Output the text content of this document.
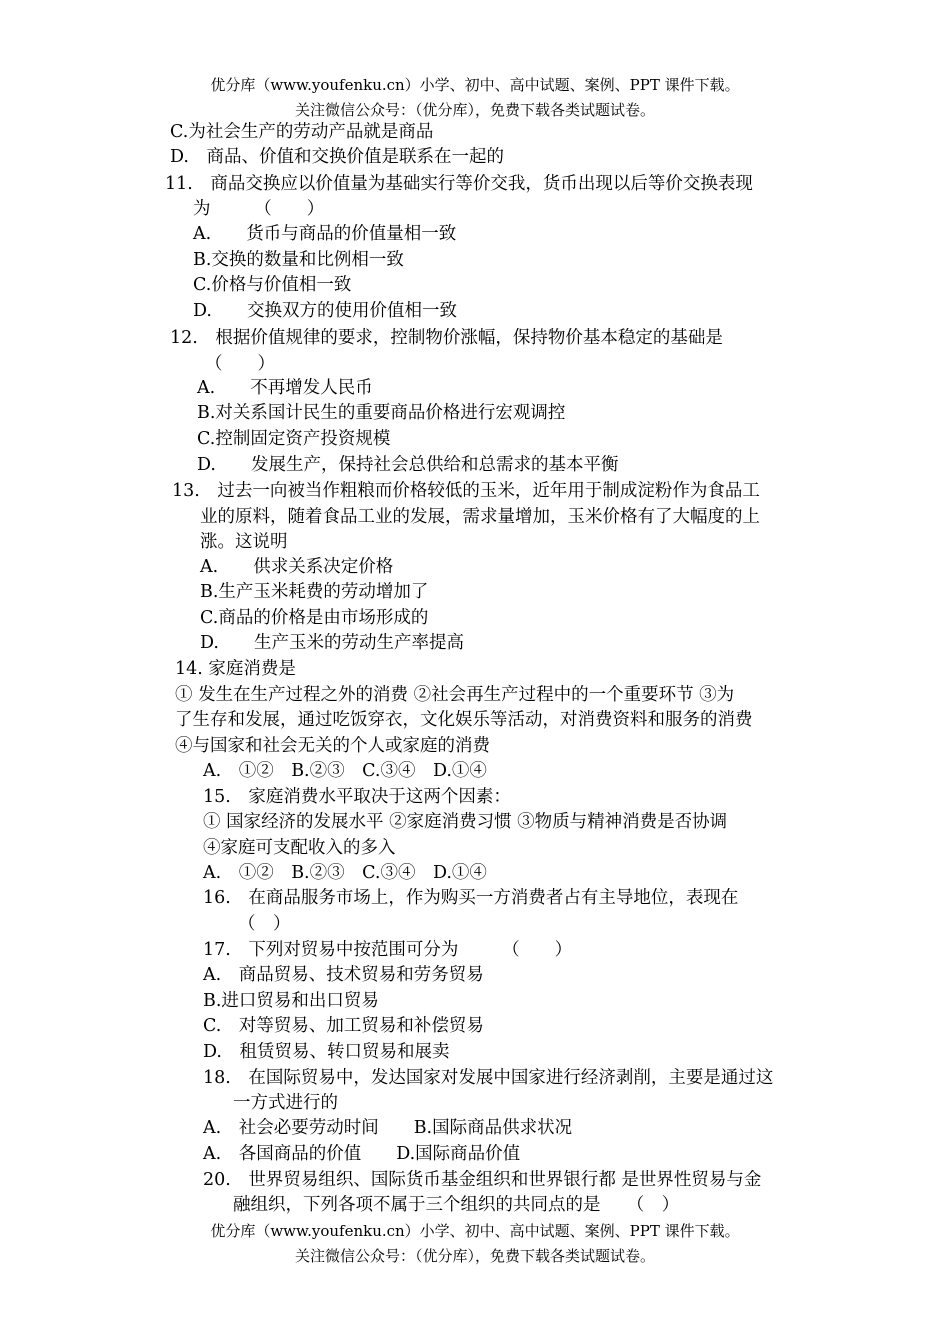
优分库（www.youfenku.cn）小学、初中、高中试题、案例、PPT 课件下载。
关注微信公众号：（优分库），免费下载各类试题试卷。
C.为社会生产的劳动产品就是商品
D.　商品、价值和交换价值是联系在一起的
11.　商品交换应以价值量为基础实行等价交我，货币出现以后等价交换表现
为　　　（　　）
A.　　货币与商品的价值量相一致
B.交换的数量和比例相一致
C.价格与价值相一致
D.　　交换双方的使用价值相一致
12.　根据价值规律的要求，控制物价涨幅，保持物价基本稳定的基础是
（　　）
A.　　不再增发人民币
B.对关系国计民生的重要商品价格进行宏观调控
C.控制固定资产投资规模
D.　　发展生产，保持社会总供给和总需求的基本平衡
13.　过去一向被当作粗粮而价格较低的玉米，近年用于制成淀粉作为食品工
业的原料，随着食品工业的发展，需求量增加，玉米价格有了大幅度的上
涨。这说明
A.　　供求关系决定价格
B.生产玉米耗费的劳动增加了
C.商品的价格是由市场形成的
D.　　生产玉米的劳动生产率提高
14. 家庭消费是
① 发生在生产过程之外的消费 ②社会再生产过程中的一个重要环节 ③为
了生存和发展，通过吃饭穿衣，文化娱乐等活动，对消费资料和服务的消费
④与国家和社会无关的个人或家庭的消费
A.　①②　B.②③　C.③④　D.①④
15.　家庭消费水平取决于这两个因素：
① 国家经济的发展水平 ②家庭消费习惯 ③物质与精神消费是否协调
④家庭可支配收入的多入
A.　①②　B.②③　C.③④　D.①④
16.　在商品服务市场上，作为购买一方消费者占有主导地位，表现在
（　）
17.　下列对贸易中按范围可分为　　　（　　）
A.　商品贸易、技术贸易和劳务贸易
B.进口贸易和出口贸易
C.　对等贸易、加工贸易和补偿贸易
D.　租赁贸易、转口贸易和展卖
18.　在国际贸易中，发达国家对发展中国家进行经济剥削，主要是通过这
一方式进行的
A.　社会必要劳动时间　　B.国际商品供求状况
A.　各国商品的价值　　D.国际商品价值
20.　世界贸易组织、国际货币基金组织和世界银行都 是世界性贸易与金
融组织，下列各项不属于三个组织的共同点的是　　（　）
优分库（www.youfenku.cn）小学、初中、高中试题、案例、PPT 课件下载。
关注微信公众号：（优分库），免费下载各类试题试卷。
